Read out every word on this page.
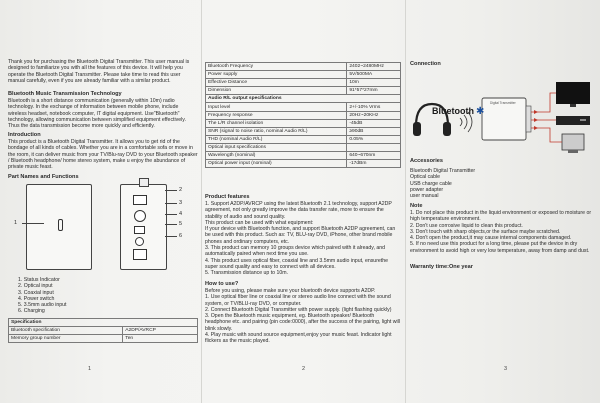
Thank you for purchasing the Bluetooth Digital Transmitter. This user manual is designed to familiarize you with all the features of this device. It will help you operate the Bluetooth Digital Transmitter. Please take time to read this user manual carefully, even if you are already familiar with a similar product.

Bluetooth Music Transmission Technology

Bluetooth is a short distance communication (generally within 10m) radio technology. In the exchange of information between mobile phone, include wireless headset, notebook computer, IT digital equipment. Use"Bluetooth" technology, allowing communication between simplified equipment effectively. Thus the data transmission become more quickly and efficiently.

Introduction

This product is a Bluetooth Digital Transmitter. It allows you to get rid of the bondage of all kinds of cables. Whether you are in a comfortable sofa or move in the room, it can deliver music from your TV/Blu-ray DVD to your Bluetooth speaker / Bluetooth headphone/ home stereo system, make u enjoy the abundance of private music feast.

Part Names and Functions

1
2
3
4
5
6

1. Status Indicator

2. Optical input

3. Coaxial input

4. Power switch

5. 3.5mm audio input

6. Charging

Specification	
Bluetooth specification	A2DP/AVRCP
Memory group number	Ten
1
Bluetooth Frequency	2402~2480MHz
Power supply	5V/500MA
Effective Distance	10m
Dimension	91*57*27mm
Audio R/L output specifications	
Input level	2+/-10% Vrms
Frequency response	20Hz~20KHz
The L/R channel isolation	-45dB
SNR (signal to noise ratio, nominal Audio R/L)	≥90dB
THD (nominal Audio R/L)	0.05%
Optical input specifications	
Wavelength (nominal)	640~670nm
Optical power input (nominal)	-17dBm

Product features

1. Support A2DP/AVRCP using the latest Bluetooth 2.1 technology, support A2DP agreement, not only greatly improve the data transfer rate, more to ensure the stability of audio and sound quality.
This product can be used with what equipment:
If your device with Bluetooth function, and support Bluetooth A2DP agreement, can be used with this product. Such as: TV, BLU-ray DVD, iPhone, other brand mobile phones and ordinary computers, etc.
3. This product can memory 10 groups device which paired with it already, and automatically paired when next time you use.
4. This product uses optical fiber, coaxial line and 3.5mm audio input, ensurethe super sound quality and easy to connect with all devices.
5. Transmission distance up to 10m.

How to use?

Before you using, please make sure your bluetooth device supports A2DP.
1. Use optical fiber line or coaxial line or stereo audio line connect with the sound system, or TV/BLU-ray DVD, or computer.
2. Connect Bluetooth Digital Transmitter with power supply. (light flashing quickly)
3. Open the Bluetooth music equipment, eg. Bluetooth speaker/ Bluetooth headphone etc. and pairing (pin code:0000), after the success of the pairing, light will blink slowly.
4. Play music with sound source equipment,enjoy your music feast. Indicator light flickers as the music played.

2

Connection

Bluetooth
Digital Transmitter
✱

Accessories

Bluetooth Digital Transmitter

Optical cable

USB charge cable

power adapter

user manual

Note

1. Do not place this product in the liquid environment or exposed to moisture or high temperature environment.
2. Don't use corrosive liquid to clean this product.
3. Don't touch with sharp objects,or the surface maybe scratched.
4. Don't open the product,it may cause internal components damaged.
5. If no need use this product for a long time, please put the device in dry environment to avoid high or very low temperature, away from damp and dust.

Warranty time:One year

3
